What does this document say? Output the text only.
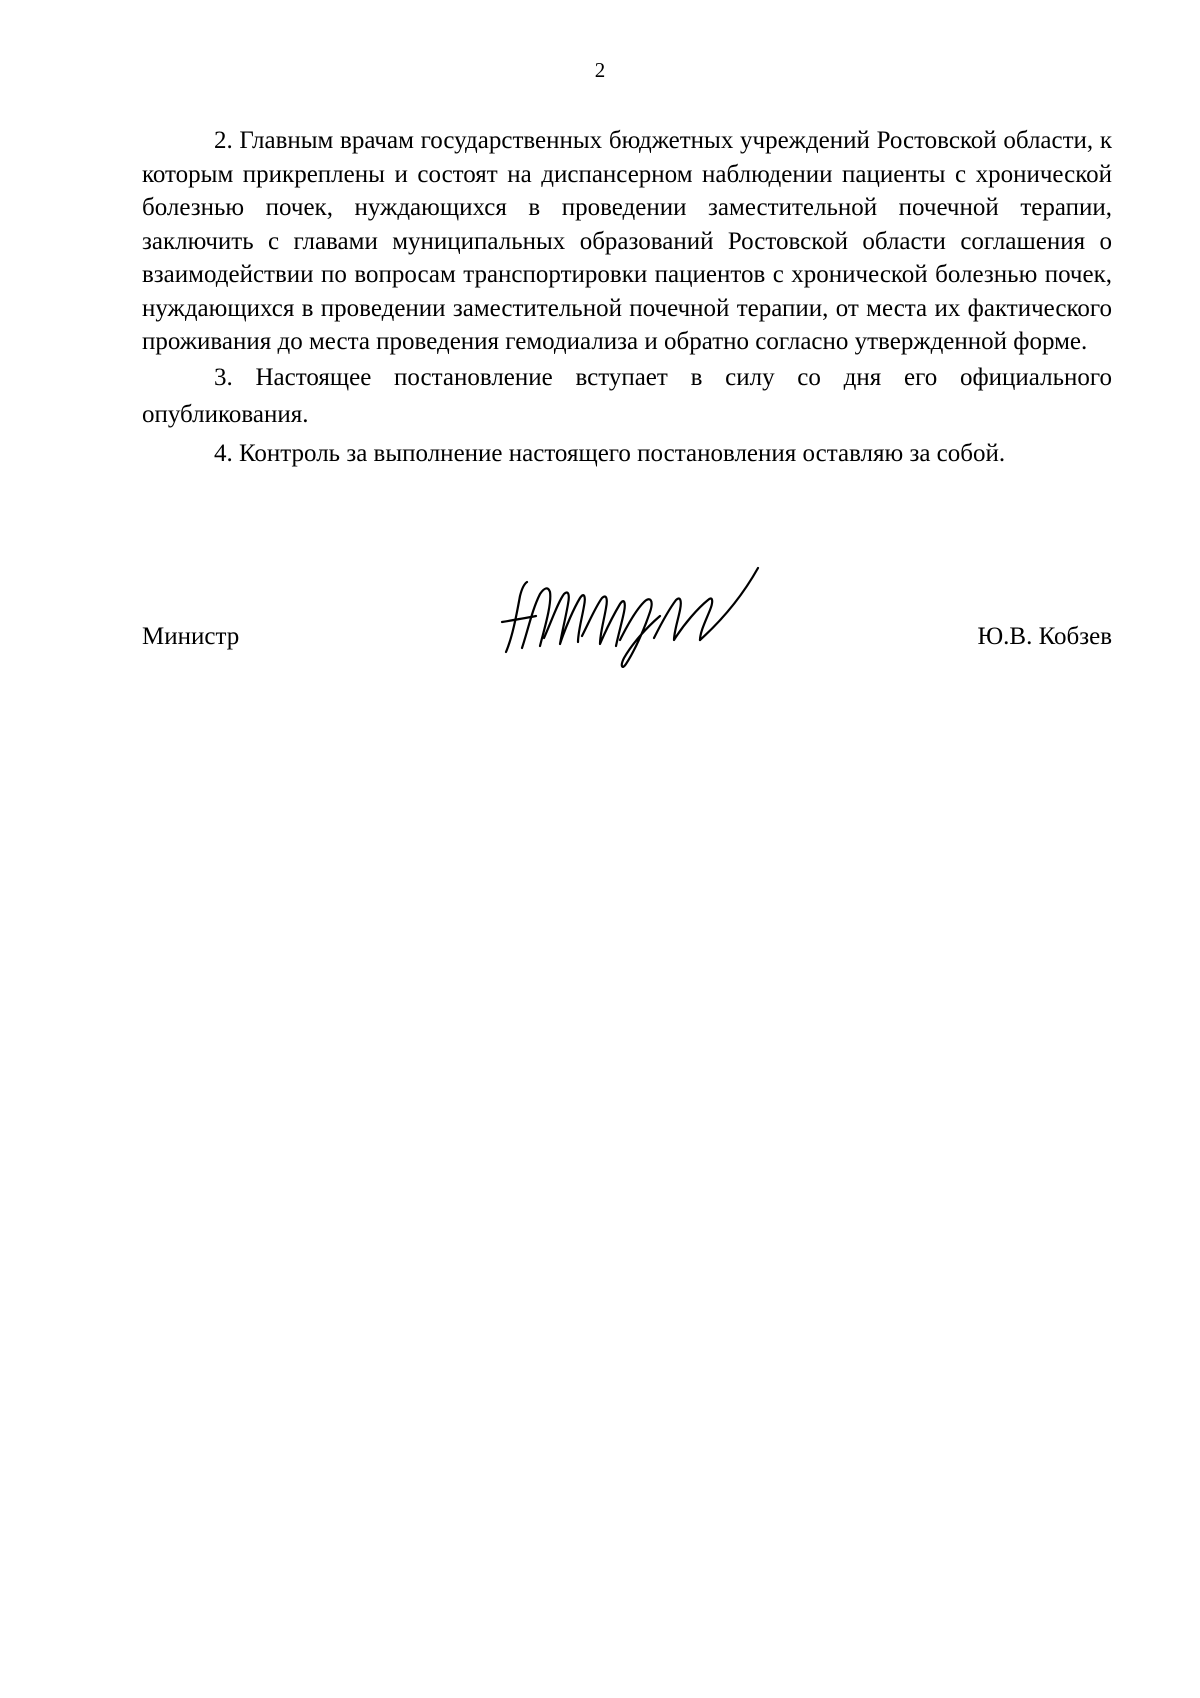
2

2. Главным врачам государственных бюджетных учреждений Ростовской области, к которым прикреплены и состоят на диспансерном наблюдении пациенты с хронической болезнью почек, нуждающихся в проведении заместительной почечной терапии, заключить с главами муниципальных образований Ростовской области соглашения о взаимодействии по вопросам транспортировки пациентов с хронической болезнью почек, нуждающихся в проведении заместительной почечной терапии, от места их фактического проживания до места проведения гемодиализа и обратно согласно утвержденной форме.

3. Настоящее постановление вступает в силу со дня его официального опубликования.

4. Контроль за выполнение настоящего постановления оставляю за собой.

Министр	Ю.В. Кобзев
